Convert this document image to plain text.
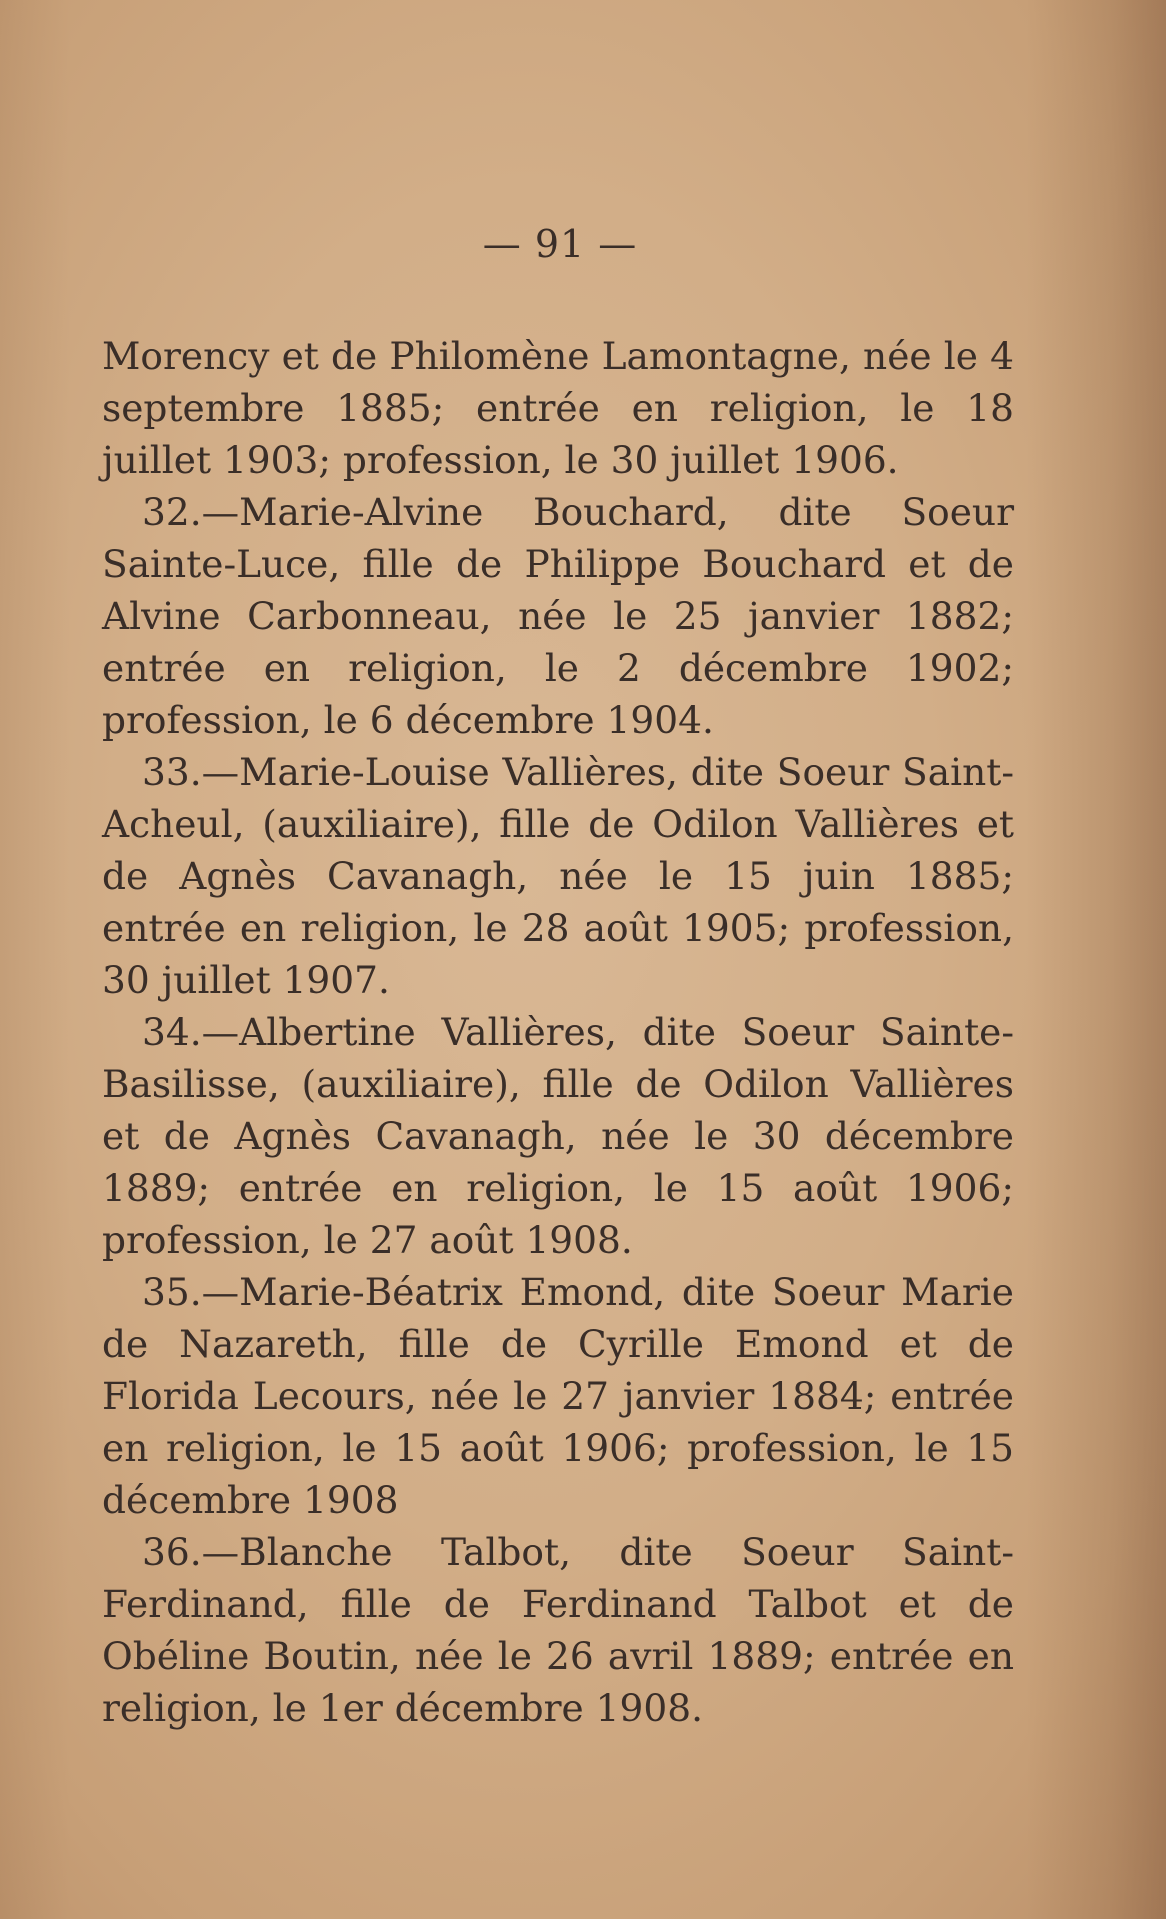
— 91 —

Morency et de Philomène Lamontagne, née le 4 septembre 1885; entrée en religion, le 18 juillet 1903; profession, le 30 juillet 1906.

32.—Marie-Alvine Bouchard, dite Soeur Sainte-Luce, fille de Philippe Bouchard et de Alvine Carbonneau, née le 25 janvier 1882; entrée en religion, le 2 décembre 1902; profession, le 6 décembre 1904.

33.—Marie-Louise Vallières, dite Soeur Saint-Acheul, (auxiliaire), fille de Odilon Vallières et de Agnès Cavanagh, née le 15 juin 1885; entrée en religion, le 28 août 1905; profession, 30 juillet 1907.

34.—Albertine Vallières, dite Soeur Sainte-Basilisse, (auxiliaire), fille de Odilon Vallières et de Agnès Cavanagh, née le 30 décembre 1889; entrée en religion, le 15 août 1906; profession, le 27 août 1908.

35.—Marie-Béatrix Emond, dite Soeur Marie de Nazareth, fille de Cyrille Emond et de Florida Lecours, née le 27 janvier 1884; entrée en religion, le 15 août 1906; profession, le 15 décembre 1908

36.—Blanche Talbot, dite Soeur Saint-Ferdinand, fille de Ferdinand Talbot et de Obéline Boutin, née le 26 avril 1889; entrée en religion, le 1er décembre 1908.
